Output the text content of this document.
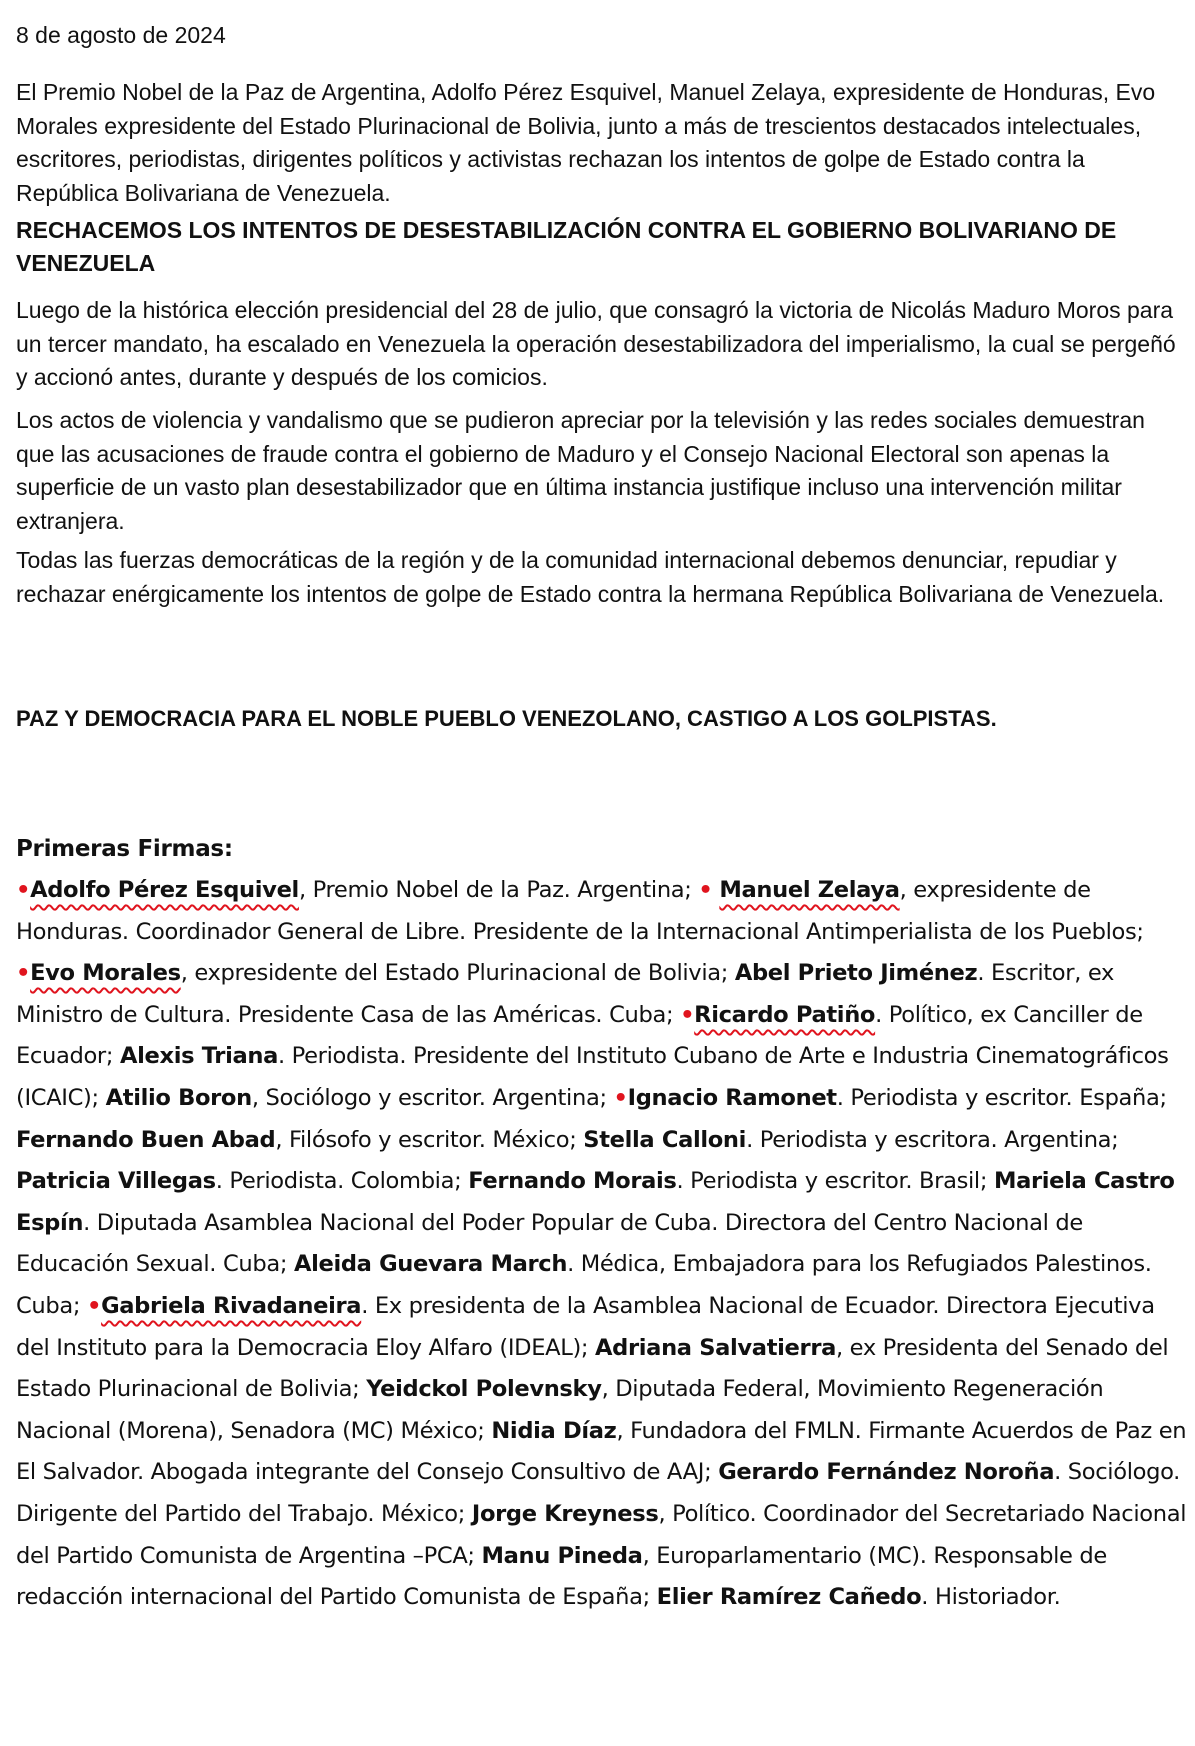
8 de agosto de 2024

El Premio Nobel de la Paz de Argentina, Adolfo Pérez Esquivel, Manuel Zelaya, expresidente de Honduras, Evo Morales expresidente del Estado Plurinacional de Bolivia, junto a más de trescientos destacados intelectuales, escritores, periodistas, dirigentes políticos y activistas rechazan los intentos de golpe de Estado contra la República Bolivariana de Venezuela.

RECHACEMOS LOS INTENTOS DE DESESTABILIZACIÓN CONTRA EL GOBIERNO BOLIVARIANO DE VENEZUELA

Luego de la histórica elección presidencial del 28 de julio, que consagró la victoria de Nicolás Maduro Moros para un tercer mandato, ha escalado en Venezuela la operación desestabilizadora del imperialismo, la cual se pergeñó y accionó antes, durante y después de los comicios.

Los actos de violencia y vandalismo que se pudieron apreciar por la televisión y las redes sociales demuestran que las acusaciones de fraude contra el gobierno de Maduro y el Consejo Nacional Electoral son apenas la superficie de un vasto plan desestabilizador que en última instancia justifique incluso una intervención militar extranjera.

Todas las fuerzas democráticas de la región y de la comunidad internacional debemos denunciar, repudiar y rechazar enérgicamente los intentos de golpe de Estado contra la hermana República Bolivariana de Venezuela.

PAZ Y DEMOCRACIA PARA EL NOBLE PUEBLO VENEZOLANO, CASTIGO A LOS GOLPISTAS.

Primeras Firmas:

•Adolfo Pérez Esquivel, Premio Nobel de la Paz. Argentina; • Manuel Zelaya, expresidente de Honduras. Coordinador General de Libre. Presidente de la Internacional Antimperialista de los Pueblos; •Evo Morales, expresidente del Estado Plurinacional de Bolivia; Abel Prieto Jiménez. Escritor, ex Ministro de Cultura. Presidente Casa de las Américas. Cuba; •Ricardo Patiño. Político, ex Canciller de Ecuador; Alexis Triana. Periodista. Presidente del Instituto Cubano de Arte e Industria Cinematográficos (ICAIC); Atilio Boron, Sociólogo y escritor. Argentina; •Ignacio Ramonet. Periodista y escritor. España; Fernando Buen Abad, Filósofo y escritor. México; Stella Calloni. Periodista y escritora. Argentina; Patricia Villegas. Periodista. Colombia; Fernando Morais. Periodista y escritor. Brasil; Mariela Castro Espín. Diputada Asamblea Nacional del Poder Popular de Cuba. Directora del Centro Nacional de Educación Sexual. Cuba; Aleida Guevara March. Médica, Embajadora para los Refugiados Palestinos. Cuba; •Gabriela Rivadaneira. Ex presidenta de la Asamblea Nacional de Ecuador. Directora Ejecutiva del Instituto para la Democracia Eloy Alfaro (IDEAL); Adriana Salvatierra, ex Presidenta del Senado del Estado Plurinacional de Bolivia; Yeidckol Polevnsky, Diputada Federal, Movimiento Regeneración Nacional (Morena), Senadora (MC) México; Nidia Díaz, Fundadora del FMLN. Firmante Acuerdos de Paz en El Salvador. Abogada integrante del Consejo Consultivo de AAJ; Gerardo Fernández Noroña. Sociólogo. Dirigente del Partido del Trabajo. México; Jorge Kreyness, Político. Coordinador del Secretariado Nacional del Partido Comunista de Argentina –PCA; Manu Pineda, Europarlamentario (MC). Responsable de redacción internacional del Partido Comunista de España; Elier Ramírez Cañedo. Historiador.
